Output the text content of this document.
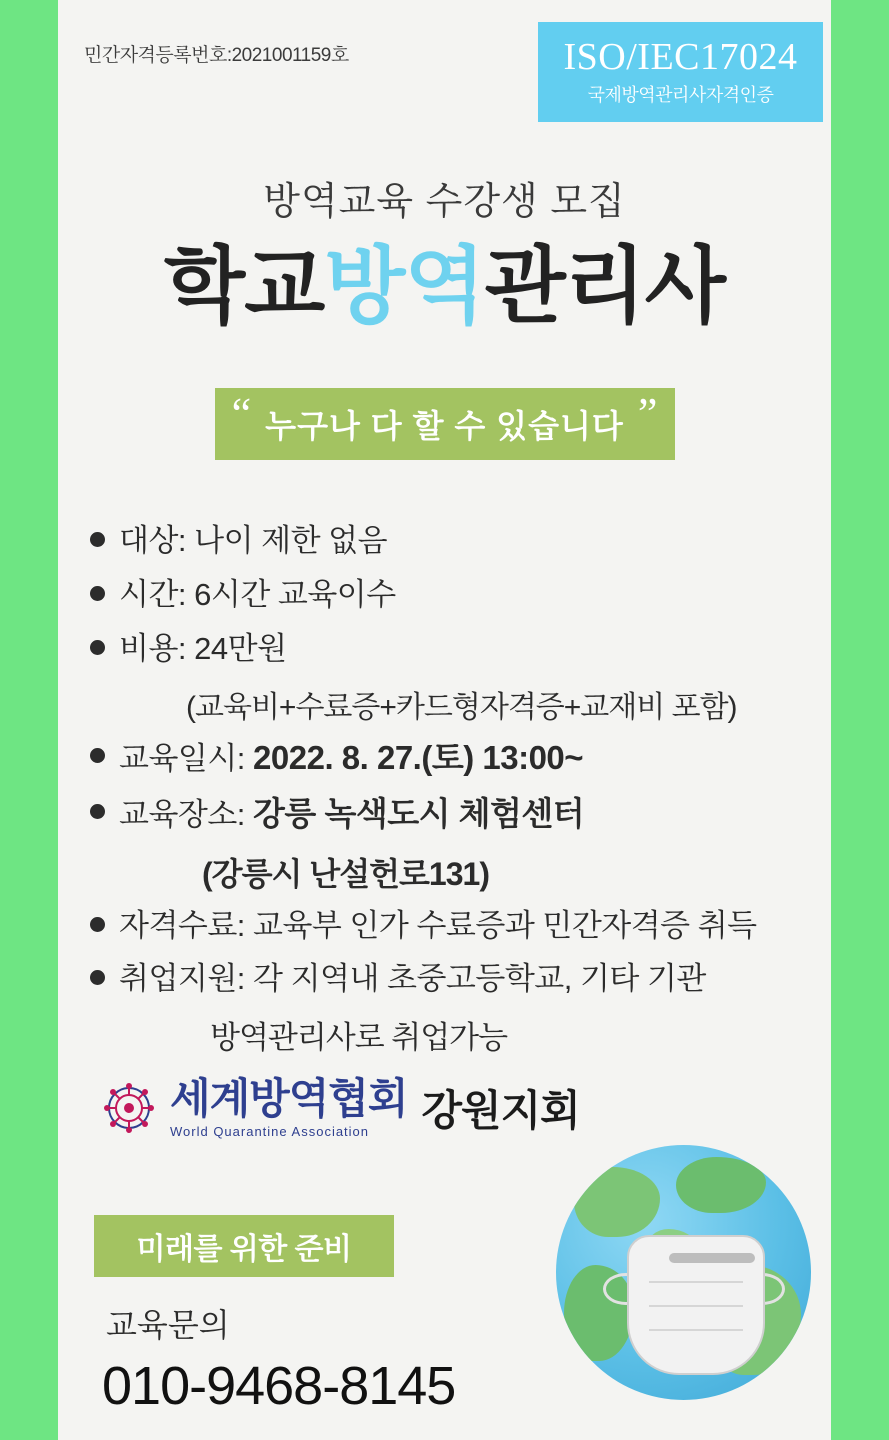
민간자격등록번호:2021001159호	ISO/IEC17024
국제방역관리사자격인증
방역교육 수강생 모집
학교방역관리사
“ 누구나 다 할 수 있습니다 ”
대상: 나이 제한 없음
시간: 6시간 교육이수
비용: 24만원
(교육비+수료증+카드형자격증+교재비 포함)
교육일시: 2022. 8. 27.(토) 13:00~
교육장소: 강릉 녹색도시 체험센터
(강릉시 난설헌로131)
자격수료: 교육부 인가 수료증과 민간자격증 취득
취업지원: 각 지역내 초중고등학교, 기타 기관
방역관리사로 취업가능
세계방역협회
World Quarantine Association	강원지회
미래를 위한 준비
교육문의
010-9468-8145
